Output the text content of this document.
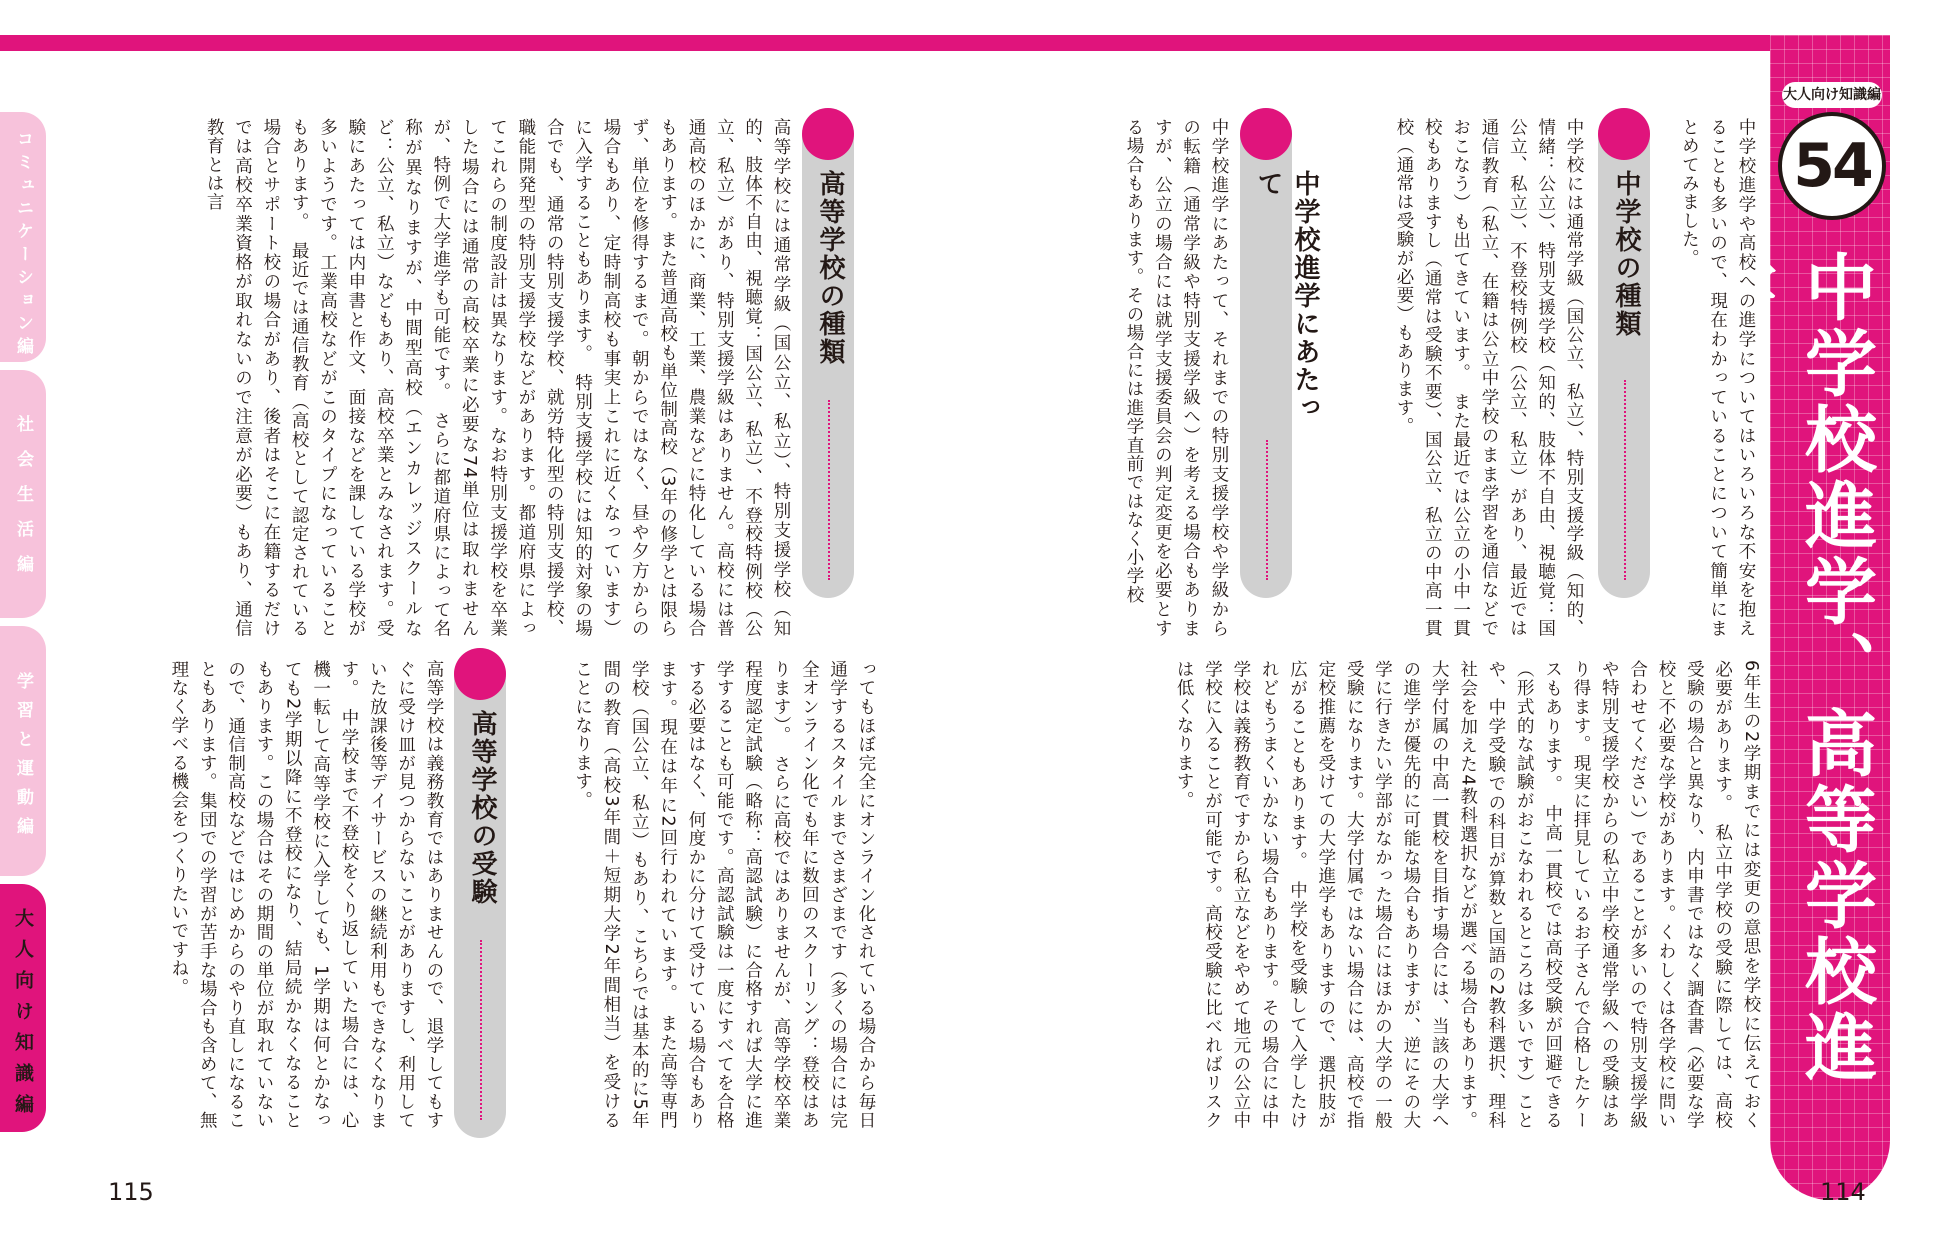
大人向け知識編
54
中学校進学、高等学校進学
中学校進学や高校への進学についてはいろいろな不安を抱えることも多いので、現在わかっていることについて簡単にまとめてみました。
中学校の種類
中学校には通常学級（国公立、私立）、特別支援学級（知的、情緒：公立）、特別支援学校（知的、肢体不自由、視聴覚：国公立、私立）、不登校特例校（公立、私立）があり、最近では通信教育（私立、在籍は公立中学校のまま学習を通信などでおこなう）も出てきています。　また最近では公立の小中一貫校もありますし（通常は受験不要）、国公立、私立の中高一貫校（通常は受験が必要）もあります。
中学校進学にあたって
中学校進学にあたって、それまでの特別支援学校や学級からの転籍（通常学級や特別支援学級へ）を考える場合もありますが、公立の場合には就学支援委員会の判定変更を必要とする場合もあります。その場合には進学直前ではなく小学校
6年生の2学期までには変更の意思を学校に伝えておく必要があります。　私立中学校の受験に際しては、高校受験の場合と異なり、内申書ではなく調査書（必要な学校と不必要な学校があります。くわしくは各学校に問い合わせてください）であることが多いので特別支援学級や特別支援学校からの私立中学校通常学級への受験はあり得ます。現実に拝見しているお子さんで合格したケースもあります。　中高一貫校では高校受験が回避できる（形式的な試験がおこなわれるところは多いです）ことや、中学受験での科目が算数と国語の2教科選択、理科社会を加えた4教科選択などが選べる場合もあります。大学付属の中高一貫校を目指す場合には、当該の大学への進学が優先的に可能な場合もありますが、逆にその大学に行きたい学部がなかった場合にはほかの大学の一般受験になります。大学付属ではない場合には、高校で指定校推薦を受けての大学進学もありますので、選択肢が広がることもあります。　中学校を受験して入学したけれどもうまくいかない場合もあります。その場合には中学校は義務教育ですから私立などをやめて地元の公立中学校に入ることが可能です。高校受験に比べればリスクは低くなります。
114
高等学校の種類
高等学校には通常学級（国公立、私立）、特別支援学校（知的、肢体不自由、視聴覚：国公立、私立）、不登校特例校（公立、私立）があり、特別支援学級はありません。高校には普通高校のほかに、商業、工業、農業などに特化している場合もあります。また普通高校も単位制高校（3年の修学とは限らず、単位を修得するまで。朝からではなく、昼や夕方からの場合もあり、定時制高校も事実上これに近くなっています）に入学することもあります。　特別支援学校には知的対象の場合でも、通常の特別支援学校、就労特化型の特別支援学校、職能開発型の特別支援学校などがあります。都道府県によってこれらの制度設計は異なります。なお特別支援学校を卒業した場合には通常の高校卒業に必要な74単位は取れませんが、特例で大学進学も可能です。　さらに都道府県によって名称が異なりますが、中間型高校（エンカレッジスクールなど：公立、私立）などもあり、高校卒業とみなされます。受験にあたっては内申書と作文、面接などを課している学校が多いようです。工業高校などがこのタイプになっていることもあります。　最近では通信教育（高校として認定されている場合とサポート校の場合があり、後者はそこに在籍するだけでは高校卒業資格が取れないので注意が必要）もあり、通信教育とは言
ってもほぼ完全にオンライン化されている場合から毎日通学するスタイルまでさまざまです（多くの場合には完全オンライン化でも年に数回のスクーリング：登校はあります）。　さらに高校ではありませんが、高等学校卒業程度認定試験（略称：高認試験）に合格すれば大学に進学することも可能です。高認試験は一度にすべてを合格する必要はなく、何度かに分けて受けている場合もあります。現在は年に2回行われています。　また高等専門学校（国公立、私立）もあり、こちらでは基本的に5年間の教育（高校3年間＋短期大学2年間相当）を受けることになります。
高等学校の受験
高等学校は義務教育ではありませんので、退学してもすぐに受け皿が見つからないことがありますし、利用していた放課後等デイサービスの継続利用もできなくなります。　中学校まで不登校をくり返していた場合には、心機一転して高等学校に入学しても、1学期は何とかなっても2学期以降に不登校になり、結局続かなくなることもあります。この場合はその期間の単位が取れていないので、通信制高校などではじめからのやり直しになることもあります。集団での学習が苦手な場合も含めて、無理なく学べる機会をつくりたいですね。
115
コミュニケーション編
社会生活編
学習と運動編
大人向け知識編
